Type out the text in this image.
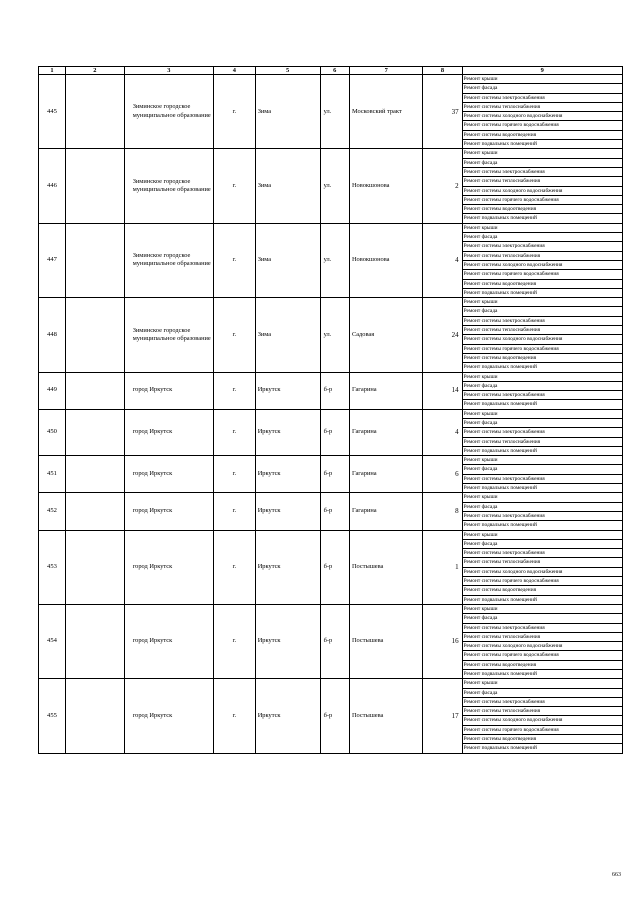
1	2	3	4	5	6	7	8	9
445		Зиминское городское муниципальное образование	г.	Зима	ул.	Московский тракт	37	Ремонт крыши
								Ремонт фасада
								Ремонт системы электроснабжения
								Ремонт системы теплоснабжения
								Ремонт системы холодного водоснабжения
								Ремонт системы горячего водоснабжения
								Ремонт системы водоотведения
								Ремонт подвальных помещений
446		Зиминское городское муниципальное образование	г.	Зима	ул.	Новокшонова	2	Ремонт крыши
								Ремонт фасада
								Ремонт системы электроснабжения
								Ремонт системы теплоснабжения
								Ремонт системы холодного водоснабжения
								Ремонт системы горячего водоснабжения
								Ремонт системы водоотведения
								Ремонт подвальных помещений
447		Зиминское городское муниципальное образование	г.	Зима	ул.	Новокшонова	4	Ремонт крыши
								Ремонт фасада
								Ремонт системы электроснабжения
								Ремонт системы теплоснабжения
								Ремонт системы холодного водоснабжения
								Ремонт системы горячего водоснабжения
								Ремонт системы водоотведения
								Ремонт подвальных помещений
448		Зиминское городское муниципальное образование	г.	Зима	ул.	Садовая	24	Ремонт крыши
								Ремонт фасада
								Ремонт системы электроснабжения
								Ремонт системы теплоснабжения
								Ремонт системы холодного водоснабжения
								Ремонт системы горячего водоснабжения
								Ремонт системы водоотведения
								Ремонт подвальных помещений
449		город Иркутск	г.	Иркутск	б-р	Гагарина	14	Ремонт крыши
								Ремонт фасада
								Ремонт системы электроснабжения
								Ремонт подвальных помещений
450		город Иркутск	г.	Иркутск	б-р	Гагарина	4	Ремонт крыши
								Ремонт фасада
								Ремонт системы электроснабжения
								Ремонт системы теплоснабжения
								Ремонт подвальных помещений
451		город Иркутск	г.	Иркутск	б-р	Гагарина	6	Ремонт крыши
								Ремонт фасада
								Ремонт системы электроснабжения
								Ремонт подвальных помещений
452		город Иркутск	г.	Иркутск	б-р	Гагарина	8	Ремонт крыши
								Ремонт фасада
								Ремонт системы электроснабжения
								Ремонт подвальных помещений
453		город Иркутск	г.	Иркутск	б-р	Постышева	1	Ремонт крыши
								Ремонт фасада
								Ремонт системы электроснабжения
								Ремонт системы теплоснабжения
								Ремонт системы холодного водоснабжения
								Ремонт системы горячего водоснабжения
								Ремонт системы водоотведения
								Ремонт подвальных помещений
454		город Иркутск	г.	Иркутск	б-р	Постышева	16	Ремонт крыши
								Ремонт фасада
								Ремонт системы электроснабжения
								Ремонт системы теплоснабжения
								Ремонт системы холодного водоснабжения
								Ремонт системы горячего водоснабжения
								Ремонт системы водоотведения
								Ремонт подвальных помещений
455		город Иркутск	г.	Иркутск	б-р	Постышева	17	Ремонт крыши
								Ремонт фасада
								Ремонт системы электроснабжения
								Ремонт системы теплоснабжения
								Ремонт системы холодного водоснабжения
								Ремонт системы горячего водоснабжения
								Ремонт системы водоотведения
								Ремонт подвальных помещений
663
